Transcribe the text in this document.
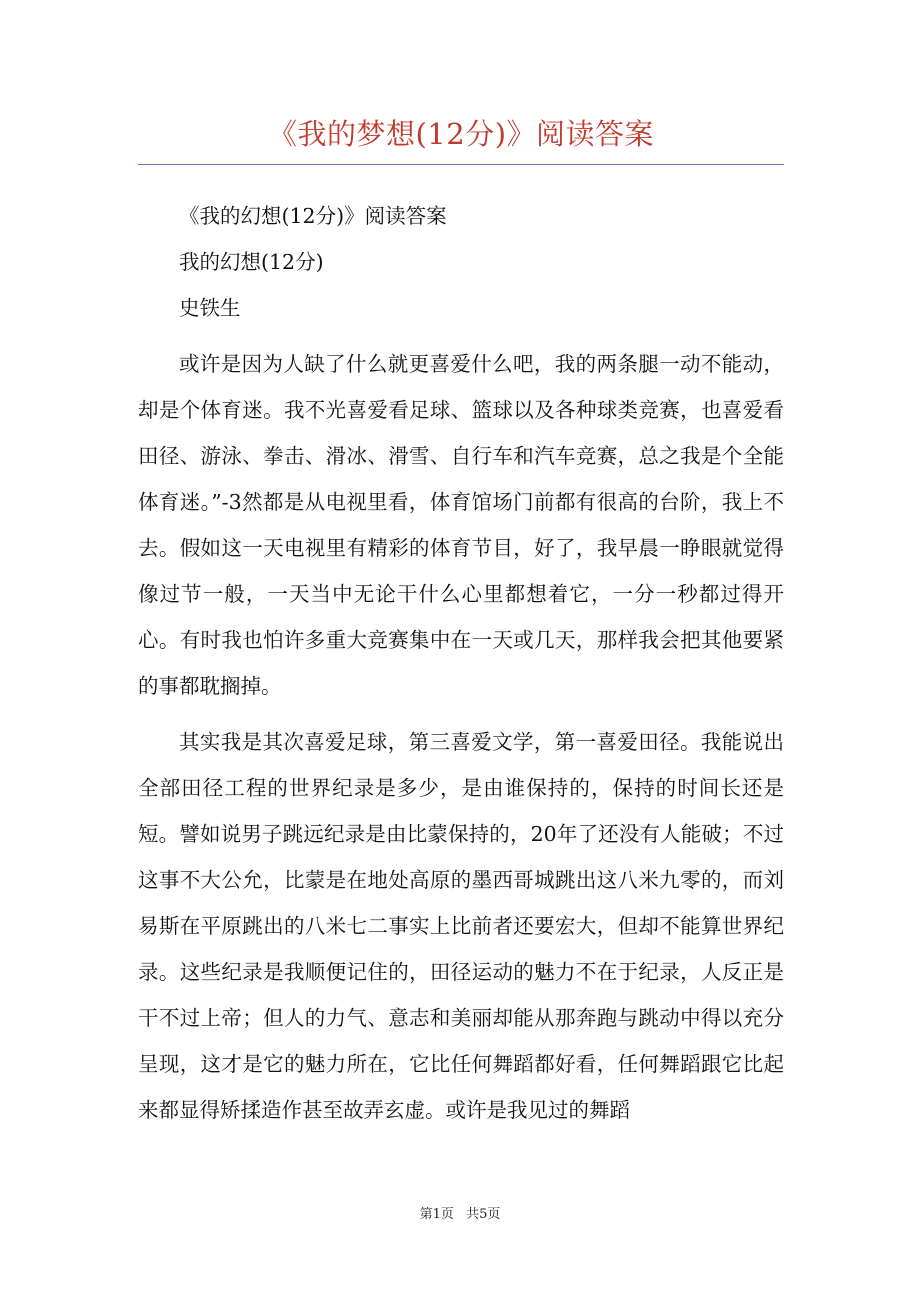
《我的梦想(12分)》阅读答案

《我的幻想(12分)》阅读答案

我的幻想(12分)

史铁生

或许是因为人缺了什么就更喜爱什么吧，我的两条腿一动不能动，却是个体育迷。我不光喜爱看足球、篮球以及各种球类竞赛，也喜爱看田径、游泳、拳击、滑冰、滑雪、自行车和汽车竞赛，总之我是个全能体育迷。”-3然都是从电视里看，体育馆场门前都有很高的台阶，我上不去。假如这一天电视里有精彩的体育节目，好了，我早晨一睁眼就觉得像过节一般，一天当中无论干什么心里都想着它，一分一秒都过得开心。有时我也怕许多重大竞赛集中在一天或几天，那样我会把其他要紧的事都耽搁掉。

其实我是其次喜爱足球，第三喜爱文学，第一喜爱田径。我能说出全部田径工程的世界纪录是多少，是由谁保持的，保持的时间长还是短。譬如说男子跳远纪录是由比蒙保持的，20年了还没有人能破；不过这事不大公允，比蒙是在地处高原的墨西哥城跳出这八米九零的，而刘易斯在平原跳出的八米七二事实上比前者还要宏大，但却不能算世界纪录。这些纪录是我顺便记住的，田径运动的魅力不在于纪录，人反正是干不过上帝；但人的力气、意志和美丽却能从那奔跑与跳动中得以充分呈现，这才是它的魅力所在，它比任何舞蹈都好看，任何舞蹈跟它比起来都显得矫揉造作甚至故弄玄虚。或许是我见过的舞蹈

第1页 共5页
